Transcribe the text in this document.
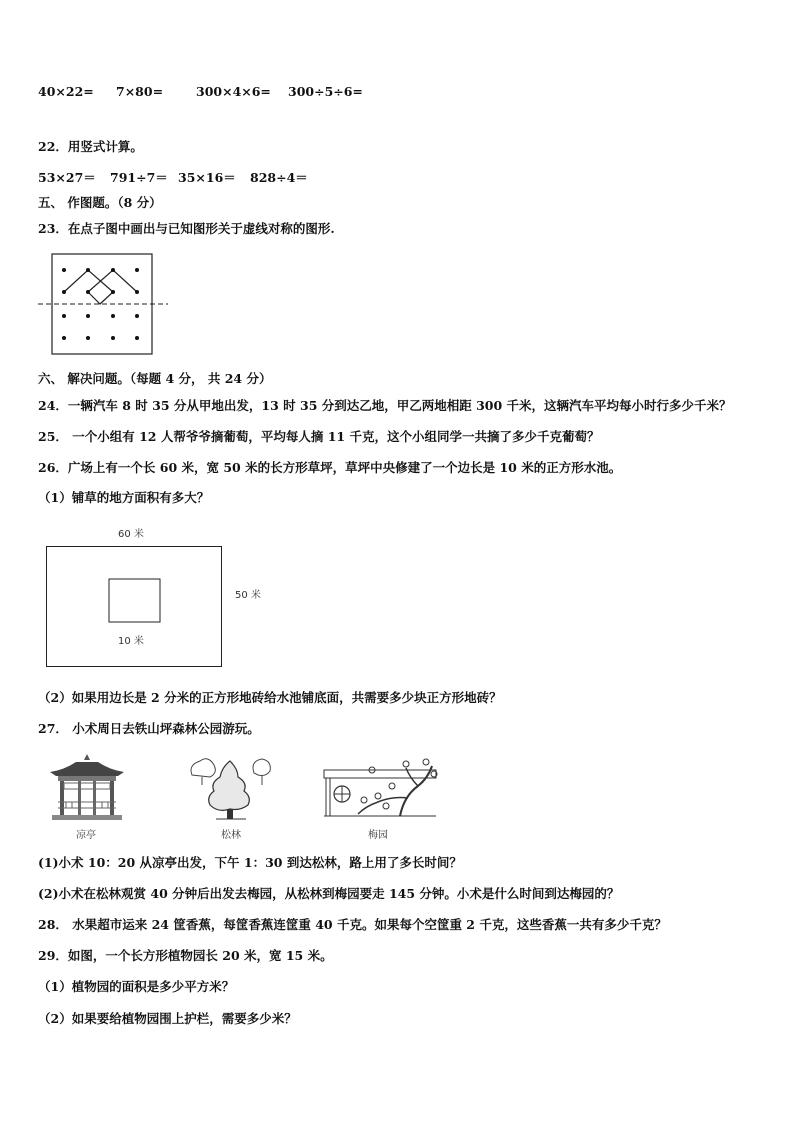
40×22= 7×80=	300×4×6= 300÷5÷6=
22．用竖式计算。
53×27＝ 791÷7＝ 35×16＝ 828÷4＝
五、 作图题。（8 分）
23．在点子图中画出与已知图形关于虚线对称的图形.
六、 解决问题。（每题 4 分， 共 24 分）
24．一辆汽车 8 时 35 分从甲地出发，13 时 35 分到达乙地，甲乙两地相距 300 千米，这辆汽车平均每小时行多少千米？
25． 一个小组有 12 人帮爷爷摘葡萄，平均每人摘 11 千克，这个小组同学一共摘了多少千克葡萄？
26．广场上有一个长 60 米，宽 50 米的长方形草坪，草坪中央修建了一个边长是 10 米的正方形水池。
（1）铺草的地方面积有多大？
60 米
50 米
10 米
（2）如果用边长是 2 分米的正方形地砖给水池铺底面，共需要多少块正方形地砖？
27． 小术周日去铁山坪森林公园游玩。
凉亭	松林	梅园
(1)小术 10：20 从凉亭出发，下午 1：30 到达松林，路上用了多长时间？
(2)小术在松林观赏 40 分钟后出发去梅园，从松林到梅园要走 145 分钟。小术是什么时间到达梅园的？
28． 水果超市运来 24 筐香蕉，每筐香蕉连筐重 40 千克。如果每个空筐重 2 千克，这些香蕉一共有多少千克？
29．如图，一个长方形植物园长 20 米，宽 15 米。
（1）植物园的面积是多少平方米？
（2）如果要给植物园围上护栏，需要多少米？
